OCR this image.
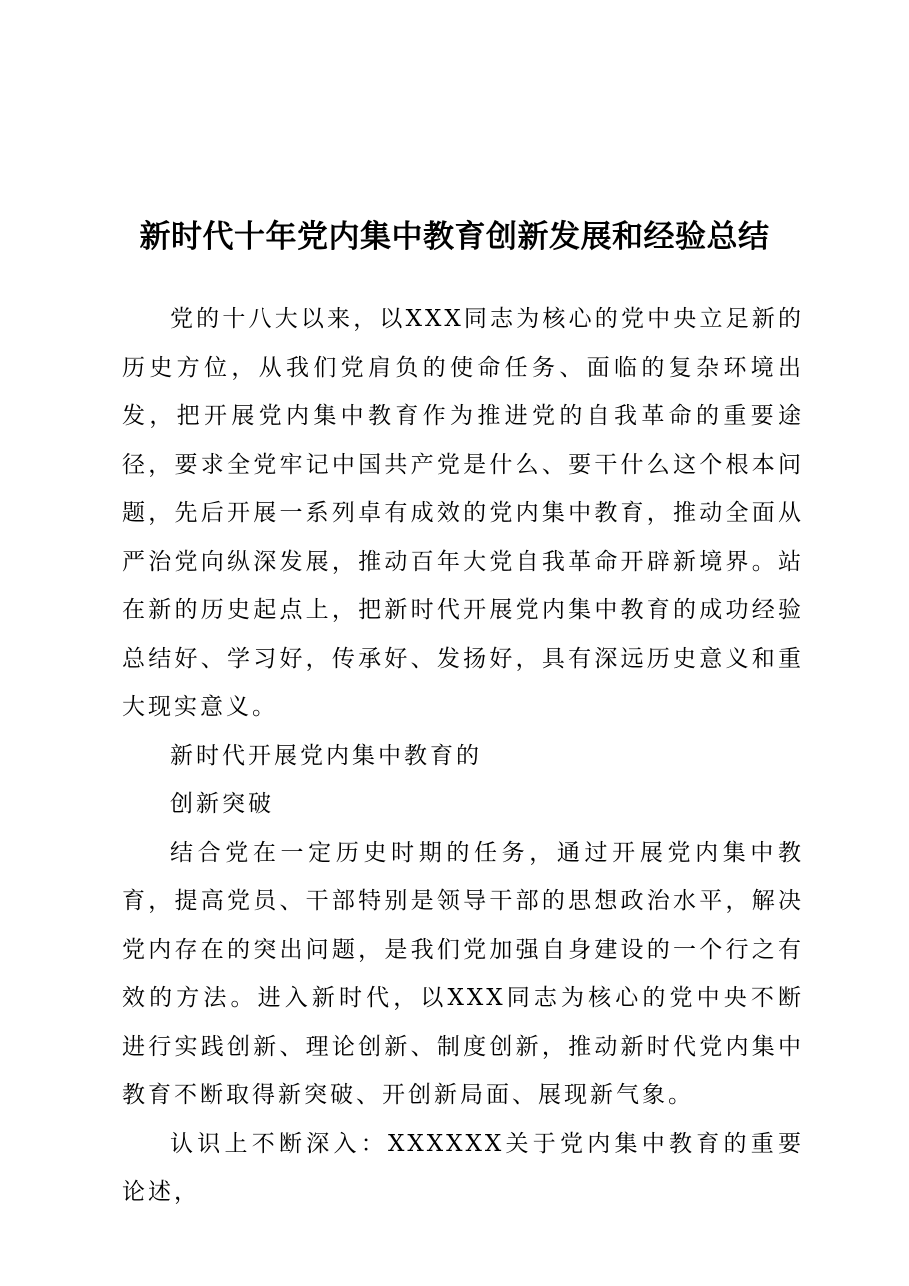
新时代十年党内集中教育创新发展和经验总结

党的十八大以来，以XXX同志为核心的党中央立足新的历史方位，从我们党肩负的使命任务、面临的复杂环境出发，把开展党内集中教育作为推进党的自我革命的重要途径，要求全党牢记中国共产党是什么、要干什么这个根本问题，先后开展一系列卓有成效的党内集中教育，推动全面从严治党向纵深发展，推动百年大党自我革命开辟新境界。站在新的历史起点上，把新时代开展党内集中教育的成功经验总结好、学习好，传承好、发扬好，具有深远历史意义和重大现实意义。

新时代开展党内集中教育的

创新突破

结合党在一定历史时期的任务，通过开展党内集中教育，提高党员、干部特别是领导干部的思想政治水平，解决党内存在的突出问题，是我们党加强自身建设的一个行之有效的方法。进入新时代，以XXX同志为核心的党中央不断进行实践创新、理论创新、制度创新，推动新时代党内集中教育不断取得新突破、开创新局面、展现新气象。

认识上不断深入：XXXXXX关于党内集中教育的重要论述，
